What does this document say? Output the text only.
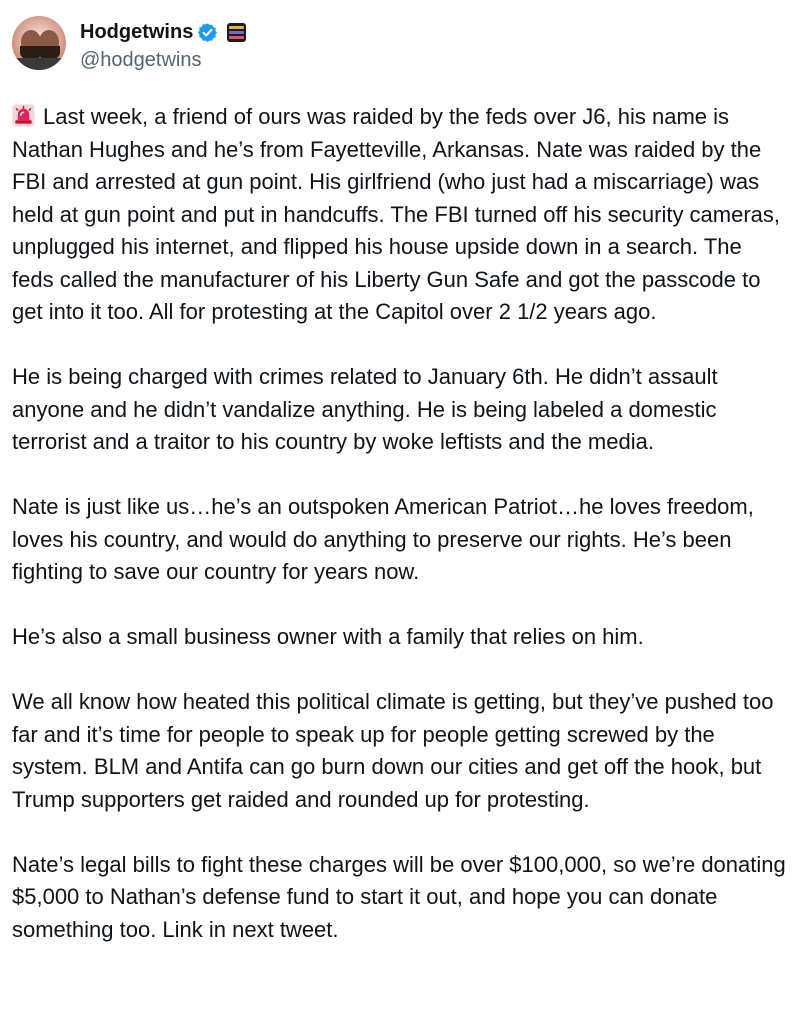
Hodgetwins
@hodgetwins

Last week, a friend of ours was raided by the feds over J6, his name is Nathan Hughes and he’s from Fayetteville, Arkansas. Nate was raided by the FBI and arrested at gun point. His girlfriend (who just had a miscarriage) was held at gun point and put in handcuffs. The FBI turned off his security cameras, unplugged his internet, and flipped his house upside down in a search. The feds called the manufacturer of his Liberty Gun Safe and got the passcode to get into it too. All for protesting at the Capitol over 2 1/2 years ago.

He is being charged with crimes related to January 6th. He didn’t assault anyone and he didn’t vandalize anything. He is being labeled a domestic terrorist and a traitor to his country by woke leftists and the media.

Nate is just like us…he’s an outspoken American Patriot…he loves freedom, loves his country, and would do anything to preserve our rights. He’s been fighting to save our country for years now.

He’s also a small business owner with a family that relies on him.

We all know how heated this political climate is getting, but they’ve pushed too far and it’s time for people to speak up for people getting screwed by the system. BLM and Antifa can go burn down our cities and get off the hook, but Trump supporters get raided and rounded up for protesting.

Nate’s legal bills to fight these charges will be over $100,000, so we’re donating $5,000 to Nathan’s defense fund to start it out, and hope you can donate something too. Link in next tweet.
